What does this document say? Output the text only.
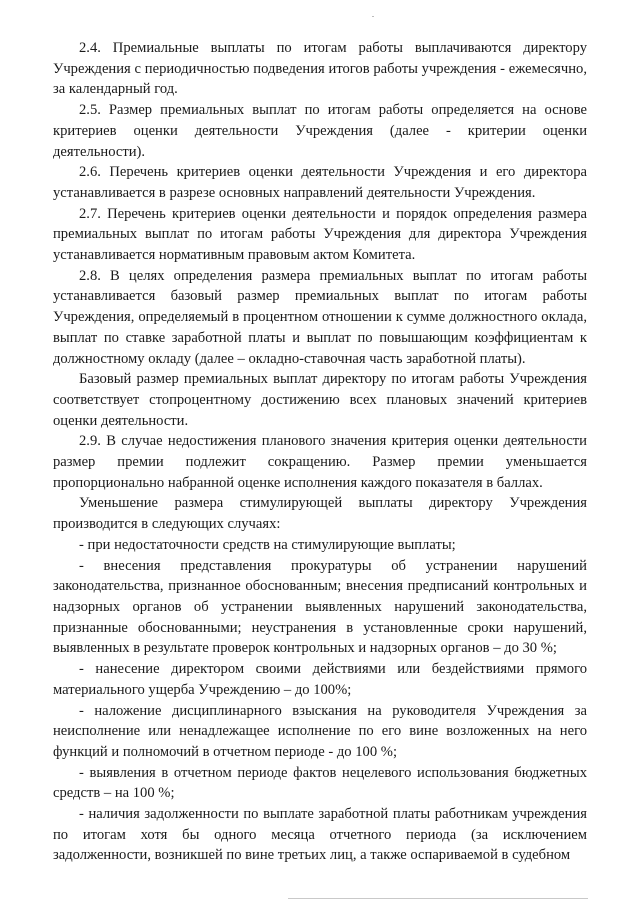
2.4. Премиальные выплаты по итогам работы выплачиваются директору Учреждения с периодичностью подведения итогов работы учреждения - ежемесячно, за календарный год.

2.5. Размер премиальных выплат по итогам работы определяется на основе критериев оценки деятельности Учреждения (далее - критерии оценки деятельности).

2.6. Перечень критериев оценки деятельности Учреждения и его директора устанавливается в разрезе основных направлений деятельности Учреждения.

2.7. Перечень критериев оценки деятельности и порядок определения размера премиальных выплат по итогам работы Учреждения для директора Учреждения устанавливается нормативным правовым актом Комитета.

2.8. В целях определения размера премиальных выплат по итогам работы устанавливается базовый размер премиальных выплат по итогам работы Учреждения, определяемый в процентном отношении к сумме должностного оклада, выплат по ставке заработной платы и выплат по повышающим коэффициентам к должностному окладу (далее – окладно-ставочная часть заработной платы).

Базовый размер премиальных выплат директору по итогам работы Учреждения соответствует стопроцентному достижению всех плановых значений критериев оценки деятельности.

2.9. В случае недостижения планового значения критерия оценки деятельности размер премии подлежит сокращению. Размер премии уменьшается пропорционально набранной оценке исполнения каждого показателя в баллах.

Уменьшение размера стимулирующей выплаты директору Учреждения производится в следующих случаях:

- при недостаточности средств на стимулирующие выплаты;

- внесения представления прокуратуры об устранении нарушений законодательства, признанное обоснованным; внесения предписаний контрольных и надзорных органов об устранении выявленных нарушений законодательства, признанные обоснованными; неустранения в установленные сроки нарушений, выявленных в результате проверок контрольных и надзорных органов – до 30 %;

- нанесение директором своими действиями или бездействиями прямого материального ущерба Учреждению – до 100%;

- наложение дисциплинарного взыскания на руководителя Учреждения за неисполнение или ненадлежащее исполнение по его вине возложенных на него функций и полномочий в отчетном периоде - до 100 %;

- выявления в отчетном периоде фактов нецелевого использования бюджетных средств – на 100 %;

- наличия задолженности по выплате заработной платы работникам учреждения по итогам хотя бы одного месяца отчетного периода (за исключением задолженности, возникшей по вине третьих лиц, а также оспариваемой в судебном
